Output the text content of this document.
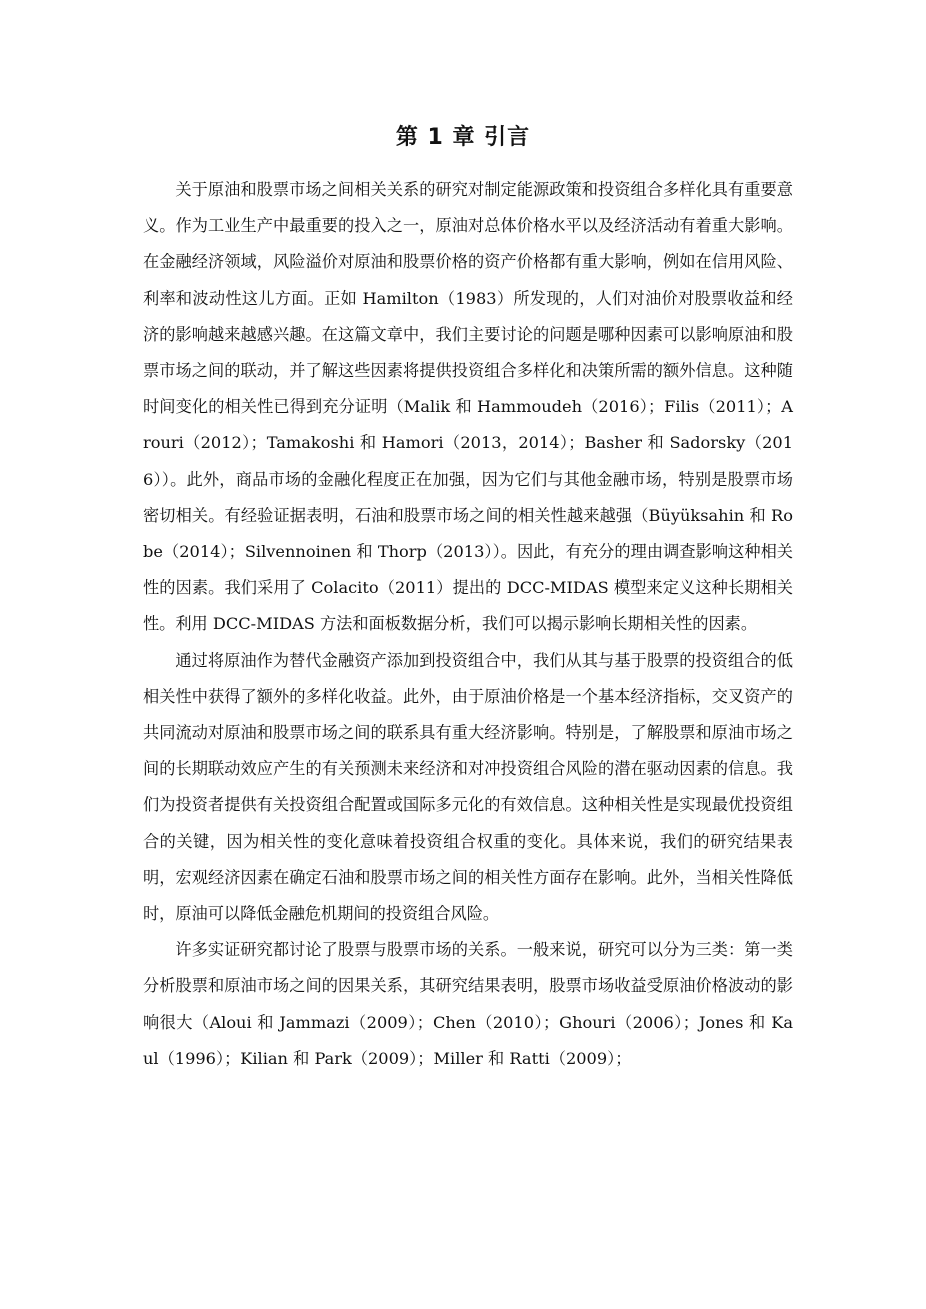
第 1 章 引言

关于原油和股票市场之间相关关系的研究对制定能源政策和投资组合多样化具有重要意义。作为工业生产中最重要的投入之一，原油对总体价格水平以及经济活动有着重大影响。在金融经济领域，风险溢价对原油和股票价格的资产价格都有重大影响，例如在信用风险、利率和波动性这儿方面。正如 Hamilton（1983）所发现的，人们对油价对股票收益和经济的影响越来越感兴趣。在这篇文章中，我们主要讨论的问题是哪种因素可以影响原油和股票市场之间的联动，并了解这些因素将提供投资组合多样化和决策所需的额外信息。这种随时间变化的相关性已得到充分证明（Malik 和 Hammoudeh（2016）；Filis（2011）；Arouri（2012）；Tamakoshi 和 Hamori（2013，2014）；Basher 和 Sadorsky（2016））。此外，商品市场的金融化程度正在加强，因为它们与其他金融市场，特别是股票市场密切相关。有经验证据表明，石油和股票市场之间的相关性越来越强（Büyüksahin 和 Robe（2014）；Silvennoinen 和 Thorp（2013））。因此，有充分的理由调查影响这种相关性的因素。我们采用了 Colacito（2011）提出的 DCC-MIDAS 模型来定义这种长期相关性。利用 DCC-MIDAS 方法和面板数据分析，我们可以揭示影响长期相关性的因素。

通过将原油作为替代金融资产添加到投资组合中，我们从其与基于股票的投资组合的低相关性中获得了额外的多样化收益。此外，由于原油价格是一个基本经济指标，交叉资产的共同流动对原油和股票市场之间的联系具有重大经济影响。特别是，了解股票和原油市场之间的长期联动效应产生的有关预测未来经济和对冲投资组合风险的潜在驱动因素的信息。我们为投资者提供有关投资组合配置或国际多元化的有效信息。这种相关性是实现最优投资组合的关键，因为相关性的变化意味着投资组合权重的变化。具体来说，我们的研究结果表明，宏观经济因素在确定石油和股票市场之间的相关性方面存在影响。此外，当相关性降低时，原油可以降低金融危机期间的投资组合风险。

许多实证研究都讨论了股票与股票市场的关系。一般来说，研究可以分为三类：第一类分析股票和原油市场之间的因果关系，其研究结果表明，股票市场收益受原油价格波动的影响很大（Aloui 和 Jammazi（2009）；Chen（2010）；Ghouri（2006）；Jones 和 Kaul（1996）；Kilian 和 Park（2009）；Miller 和 Ratti（2009）；
